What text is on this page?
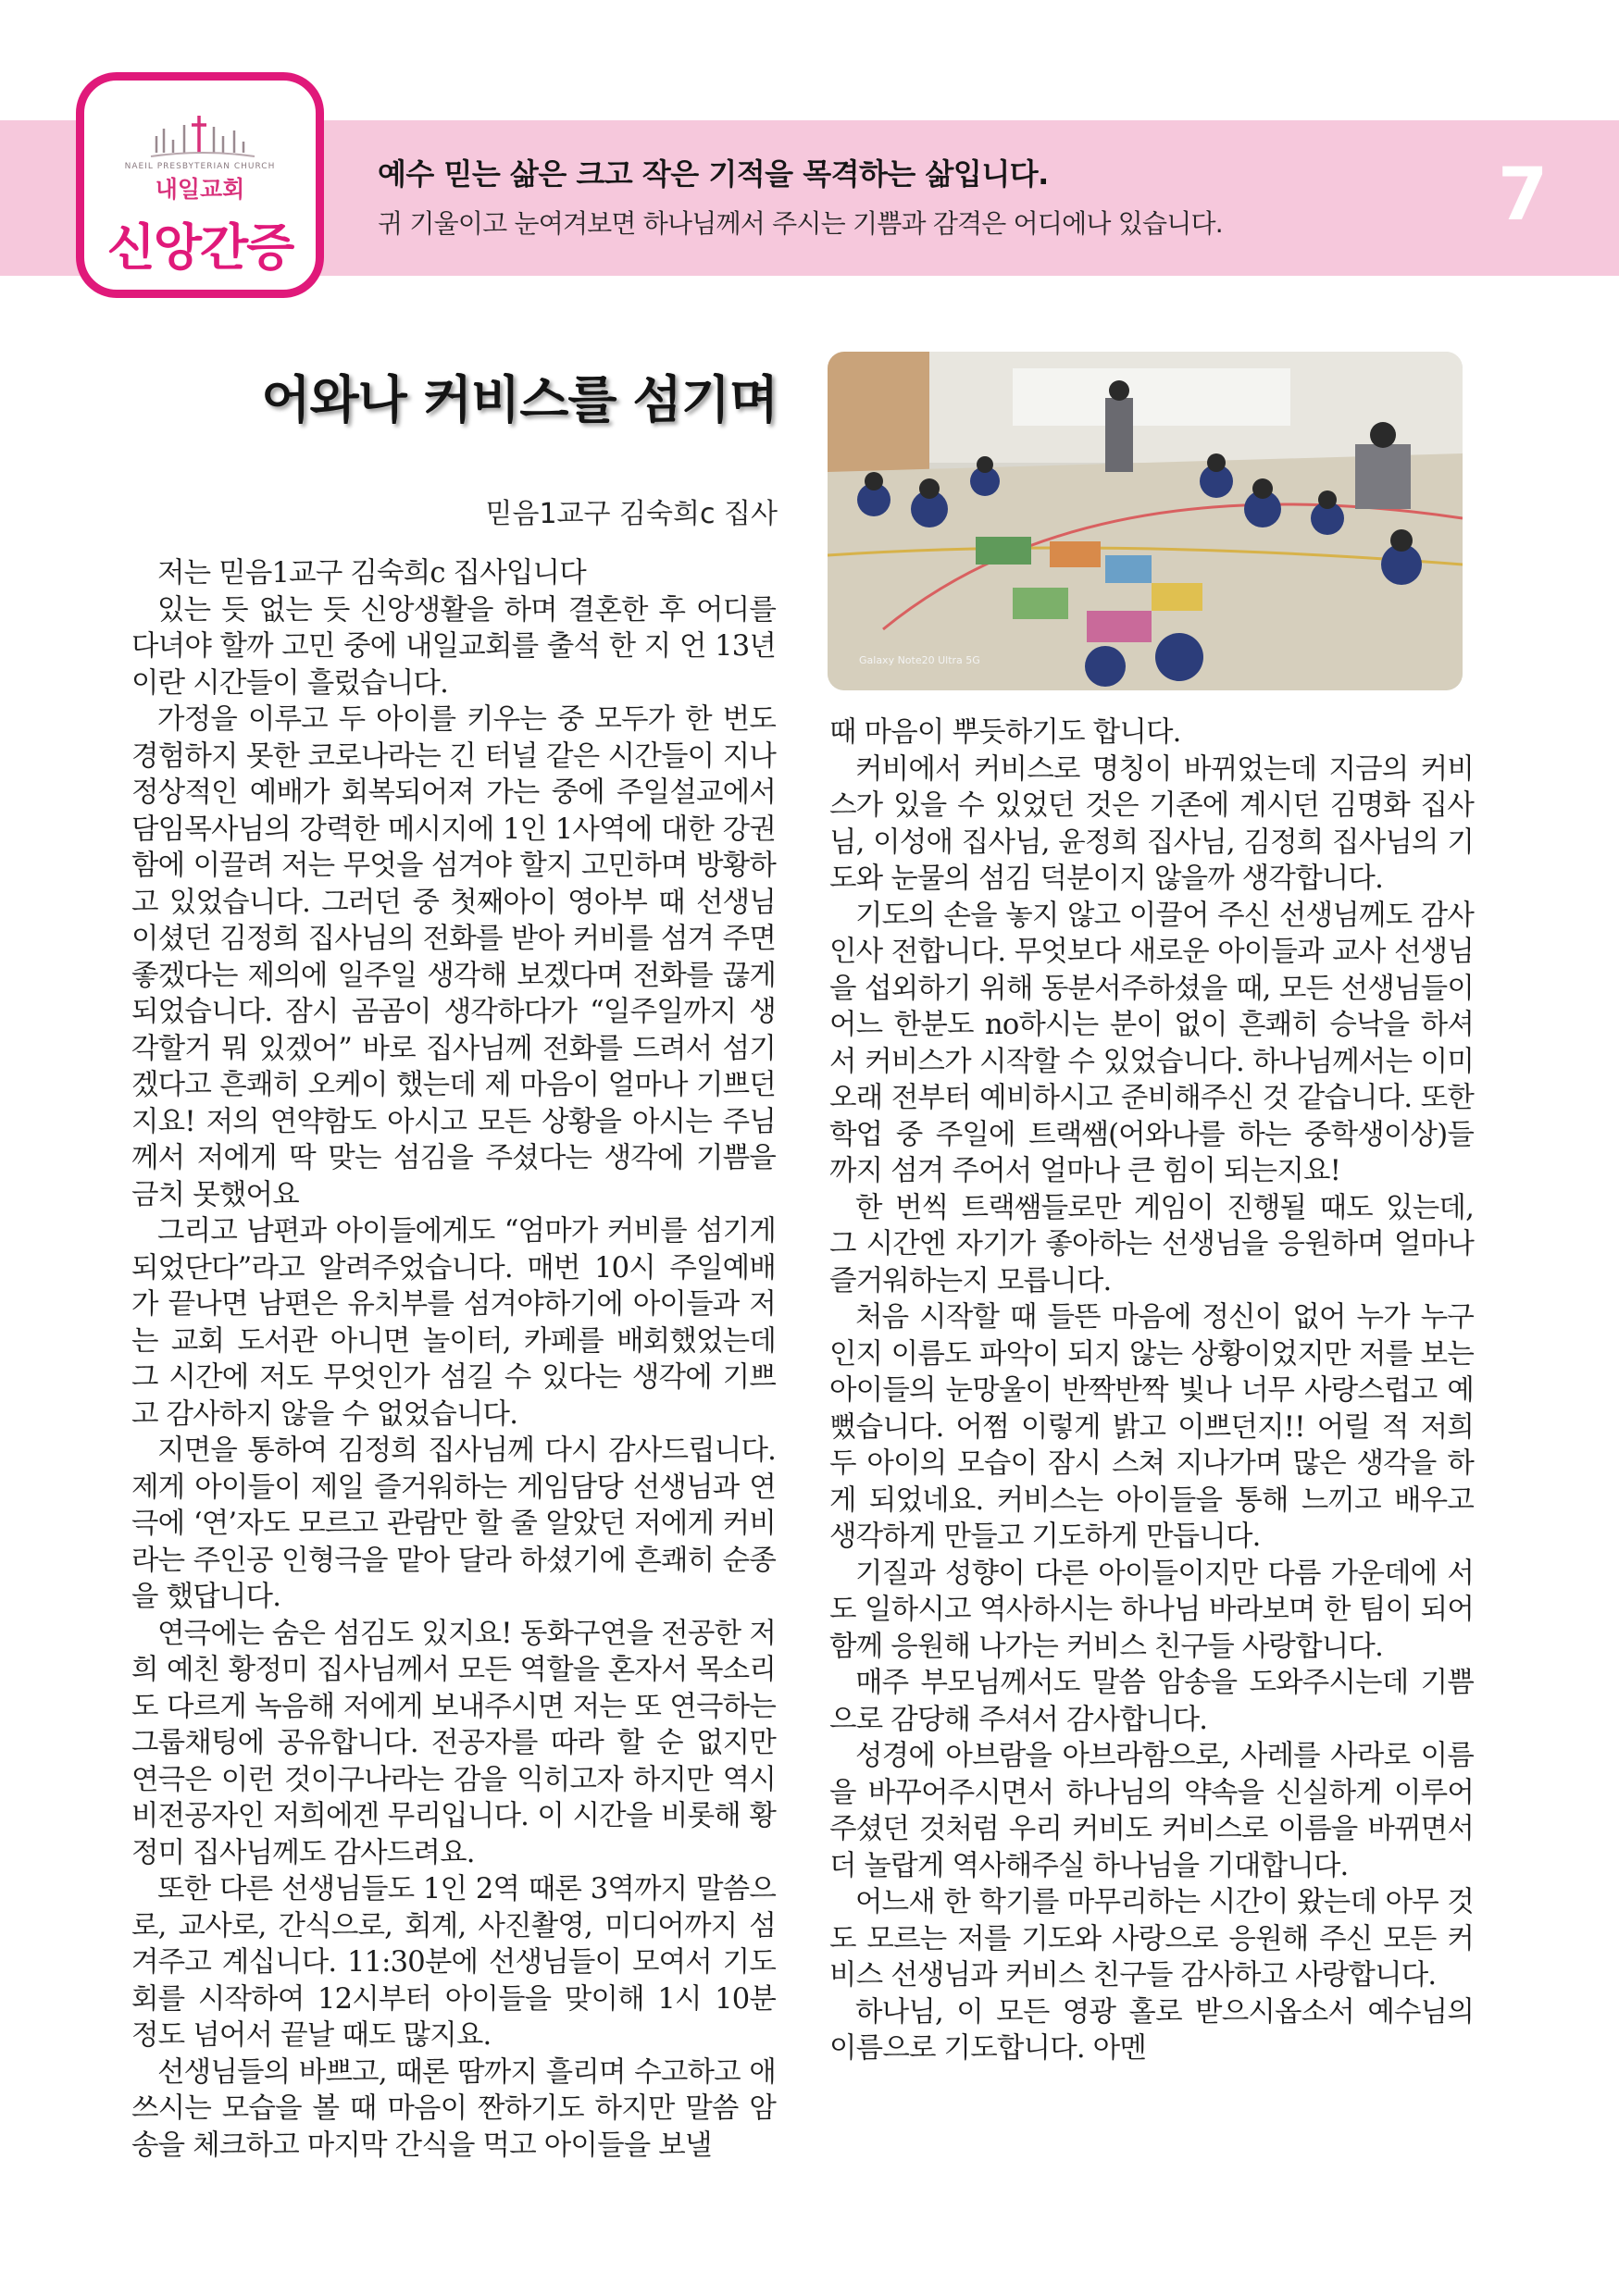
NAEIL PRESBYTERIAN CHURCH
내일교회
신앙간증
예수 믿는 삶은 크고 작은 기적을 목격하는 삶입니다.
귀 기울이고 눈여겨보면 하나님께서 주시는 기쁨과 감격은 어디에나 있습니다.	7
어와나 커비스를 섬기며
믿음1교구 김숙희c 집사
Galaxy Note20 Ultra 5G

저는 믿음1교구 김숙희c 집사입니다

있는 듯 없는 듯 신앙생활을 하며 결혼한 후 어디를 다녀야 할까 고민 중에 내일교회를 출석 한 지 언 13년이란 시간들이 흘렀습니다.

가정을 이루고 두 아이를 키우는 중 모두가 한 번도 경험하지 못한 코로나라는 긴 터널 같은 시간들이 지나 정상적인 예배가 회복되어져 가는 중에 주일설교에서 담임목사님의 강력한 메시지에 1인 1사역에 대한 강권함에 이끌려 저는 무엇을 섬겨야 할지 고민하며 방황하고 있었습니다. 그러던 중 첫째아이 영아부 때 선생님이셨던 김정희 집사님의 전화를 받아 커비를 섬겨 주면 좋겠다는 제의에 일주일 생각해 보겠다며 전화를 끊게 되었습니다. 잠시 곰곰이 생각하다가 “일주일까지 생각할거 뭐 있겠어” 바로 집사님께 전화를 드려서 섬기겠다고 흔쾌히 오케이 했는데 제 마음이 얼마나 기쁘던지요! 저의 연약함도 아시고 모든 상황을 아시는 주님께서 저에게 딱 맞는 섬김을 주셨다는 생각에 기쁨을 금치 못했어요

그리고 남편과 아이들에게도 “엄마가 커비를 섬기게 되었단다”라고 알려주었습니다. 매번 10시 주일예배가 끝나면 남편은 유치부를 섬겨야하기에 아이들과 저는 교회 도서관 아니면 놀이터, 카페를 배회했었는데 그 시간에 저도 무엇인가 섬길 수 있다는 생각에 기쁘고 감사하지 않을 수 없었습니다.

지면을 통하여 김정희 집사님께 다시 감사드립니다. 제게 아이들이 제일 즐거워하는 게임담당 선생님과 연극에 ‘연’자도 모르고 관람만 할 줄 알았던 저에게 커비라는 주인공 인형극을 맡아 달라 하셨기에 흔쾌히 순종을 했답니다.

연극에는 숨은 섬김도 있지요! 동화구연을 전공한 저희 예친 황정미 집사님께서 모든 역할을 혼자서 목소리도 다르게 녹음해 저에게 보내주시면 저는 또 연극하는 그룹채팅에 공유합니다. 전공자를 따라 할 순 없지만 연극은 이런 것이구나라는 감을 익히고자 하지만 역시 비전공자인 저희에겐 무리입니다. 이 시간을 비롯해 황정미 집사님께도 감사드려요.

또한 다른 선생님들도 1인 2역 때론 3역까지 말씀으로, 교사로, 간식으로, 회계, 사진촬영, 미디어까지 섬겨주고 계십니다. 11:30분에 선생님들이 모여서 기도회를 시작하여 12시부터 아이들을 맞이해 1시 10분 정도 넘어서 끝날 때도 많지요.

선생님들의 바쁘고, 때론 땀까지 흘리며 수고하고 애 쓰시는 모습을 볼 때 마음이 짠하기도 하지만 말씀 암송을 체크하고 마지막 간식을 먹고 아이들을 보낼

때 마음이 뿌듯하기도 합니다.

커비에서 커비스로 명칭이 바뀌었는데 지금의 커비스가 있을 수 있었던 것은 기존에 계시던 김명화 집사님, 이성애 집사님, 윤정희 집사님, 김정희 집사님의 기도와 눈물의 섬김 덕분이지 않을까 생각합니다.

기도의 손을 놓지 않고 이끌어 주신 선생님께도 감사 인사 전합니다. 무엇보다 새로운 아이들과 교사 선생님을 섭외하기 위해 동분서주하셨을 때, 모든 선생님들이 어느 한분도 no하시는 분이 없이 흔쾌히 승낙을 하셔서 커비스가 시작할 수 있었습니다. 하나님께서는 이미 오래 전부터 예비하시고 준비해주신 것 같습니다. 또한 학업 중 주일에 트랙쌤(어와나를 하는 중학생이상)들까지 섬겨 주어서 얼마나 큰 힘이 되는지요!

한 번씩 트랙쌤들로만 게임이 진행될 때도 있는데, 그 시간엔 자기가 좋아하는 선생님을 응원하며 얼마나 즐거워하는지 모릅니다.

처음 시작할 때 들뜬 마음에 정신이 없어 누가 누구인지 이름도 파악이 되지 않는 상황이었지만 저를 보는 아이들의 눈망울이 반짝반짝 빛나 너무 사랑스럽고 예뻤습니다. 어쩜 이렇게 밝고 이쁘던지!! 어릴 적 저희 두 아이의 모습이 잠시 스쳐 지나가며 많은 생각을 하게 되었네요. 커비스는 아이들을 통해 느끼고 배우고 생각하게 만들고 기도하게 만듭니다.

기질과 성향이 다른 아이들이지만 다름 가운데에 서도 일하시고 역사하시는 하나님 바라보며 한 팀이 되어 함께 응원해 나가는 커비스 친구들 사랑합니다.

매주 부모님께서도 말씀 암송을 도와주시는데 기쁨으로 감당해 주셔서 감사합니다.

성경에 아브람을 아브라함으로, 사레를 사라로 이름을 바꾸어주시면서 하나님의 약속을 신실하게 이루어 주셨던 것처럼 우리 커비도 커비스로 이름을 바뀌면서 더 놀랍게 역사해주실 하나님을 기대합니다.

어느새 한 학기를 마무리하는 시간이 왔는데 아무 것도 모르는 저를 기도와 사랑으로 응원해 주신 모든 커비스 선생님과 커비스 친구들 감사하고 사랑합니다.

하나님, 이 모든 영광 홀로 받으시옵소서 예수님의 이름으로 기도합니다. 아멘
